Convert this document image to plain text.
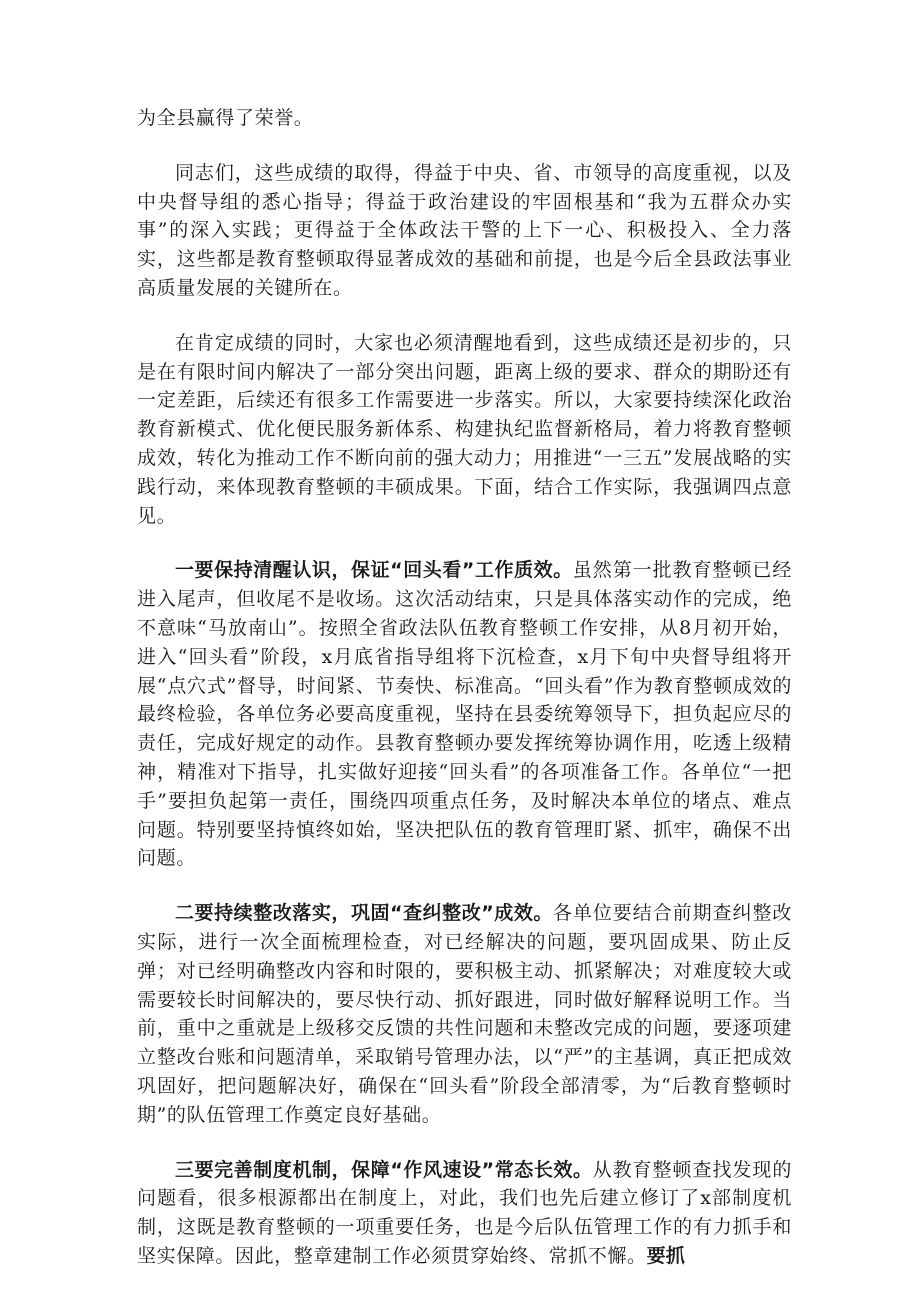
为全县赢得了荣誉。

同志们，这些成绩的取得，得益于中央、省、市领导的高度重视，以及中央督导组的悉心指导；得益于政治建设的牢固根基和“我为五群众办实事”的深入实践；更得益于全体政法干警的上下一心、积极投入、全力落实，这些都是教育整顿取得显著成效的基础和前提，也是今后全县政法事业高质量发展的关键所在。

在肯定成绩的同时，大家也必须清醒地看到，这些成绩还是初步的，只是在有限时间内解决了一部分突出问题，距离上级的要求、群众的期盼还有一定差距，后续还有很多工作需要进一步落实。所以，大家要持续深化政治教育新模式、优化便民服务新体系、构建执纪监督新格局，着力将教育整顿成效，转化为推动工作不断向前的强大动力；用推进“一三五”发展战略的实践行动，来体现教育整顿的丰硕成果。下面，结合工作实际，我强调四点意见。

一要保持清醒认识，保证“回头看”工作质效。虽然第一批教育整顿已经进入尾声，但收尾不是收场。这次活动结束，只是具体落实动作的完成，绝不意味“马放南山”。按照全省政法队伍教育整顿工作安排，从8月初开始，进入“回头看”阶段，x月底省指导组将下沉检查，x月下旬中央督导组将开展“点穴式”督导，时间紧、节奏快、标准高。“回头看”作为教育整顿成效的最终检验，各单位务必要高度重视，坚持在县委统筹领导下，担负起应尽的责任，完成好规定的动作。县教育整顿办要发挥统筹协调作用，吃透上级精神，精准对下指导，扎实做好迎接“回头看”的各项准备工作。各单位“一把手”要担负起第一责任，围绕四项重点任务，及时解决本单位的堵点、难点问题。特别要坚持慎终如始，坚决把队伍的教育管理盯紧、抓牢，确保不出问题。

二要持续整改落实，巩固“查纠整改”成效。各单位要结合前期查纠整改实际，进行一次全面梳理检查，对已经解决的问题，要巩固成果、防止反弹；对已经明确整改内容和时限的，要积极主动、抓紧解决；对难度较大或需要较长时间解决的，要尽快行动、抓好跟进，同时做好解释说明工作。当前，重中之重就是上级移交反馈的共性问题和未整改完成的问题，要逐项建立整改台账和问题清单，采取销号管理办法，以“严”的主基调，真正把成效巩固好，把问题解决好，确保在“回头看”阶段全部清零，为“后教育整顿时期”的队伍管理工作奠定良好基础。

三要完善制度机制，保障“作风速设”常态长效。从教育整顿查找发现的问题看，很多根源都出在制度上，对此，我们也先后建立修订了x部制度机制，这既是教育整顿的一项重要任务，也是今后队伍管理工作的有力抓手和坚实保障。因此，整章建制工作必须贯穿始终、常抓不懈。要抓
